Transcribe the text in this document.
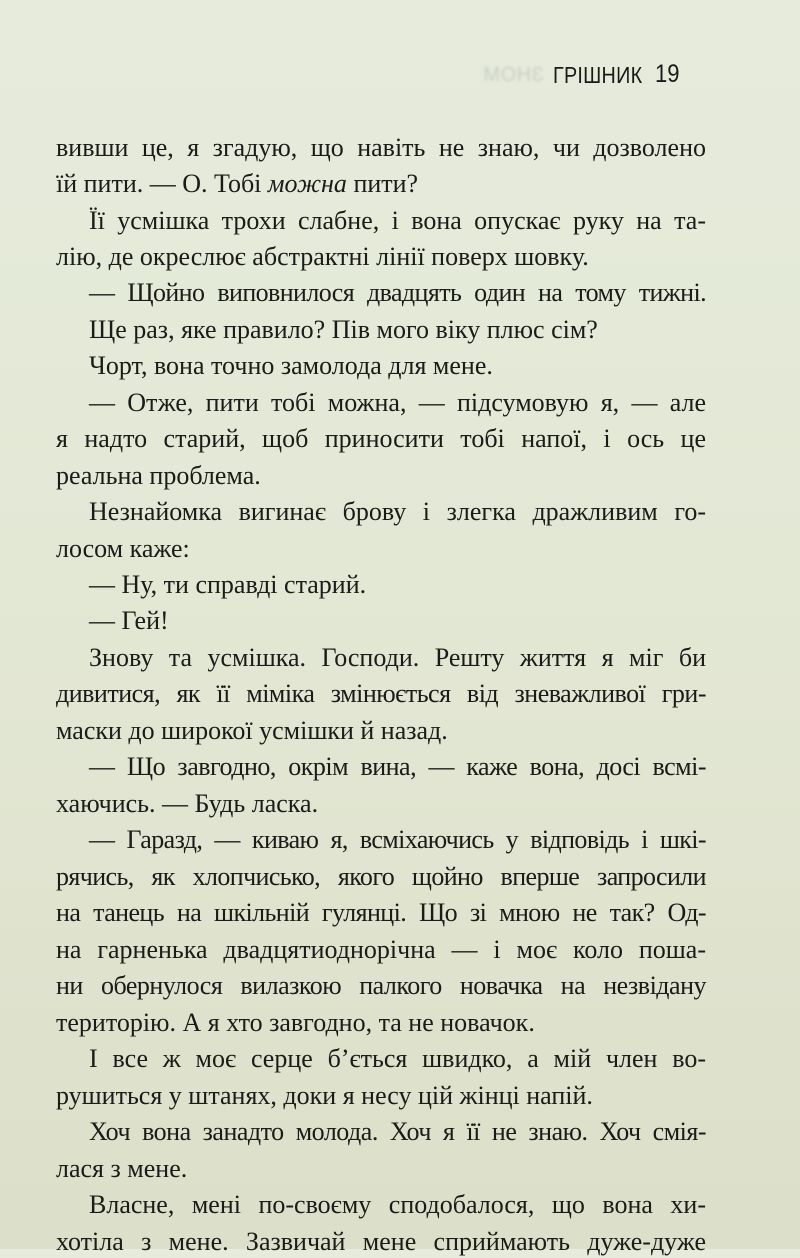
ЗНОМ ГРІШНИК 19
вивши це, я згадую, що навіть не знаю, чи дозволено
їй пити. — О. Тобі можна пити?
Її усмішка трохи слабне, і вона опускає руку на та-
лію, де окреслює абстрактні лінії поверх шовку.
— Щойно виповнилося двадцять один на тому тижні.
Ще раз, яке правило? Пів мого віку плюс сім?
Чорт, вона точно замолода для мене.
— Отже, пити тобі можна, — підсумовую я, — але
я надто старий, щоб приносити тобі напої, і ось це
реальна проблема.
Незнайомка вигинає брову і злегка дражливим го-
лосом каже:
— Ну, ти справді старий.
— Гей!
Знову та усмішка. Господи. Решту життя я міг би
дивитися, як її міміка змінюється від зневажливої гри-
маски до широкої усмішки й назад.
— Що завгодно, окрім вина, — каже вона, досі всмі-
хаючись. — Будь ласка.
— Гаразд, — киваю я, всміхаючись у відповідь і шкі-
рячись, як хлопчисько, якого щойно вперше запросили
на танець на шкільній гулянці. Що зі мною не так? Од-
на гарненька двадцятиоднорічна — і моє коло поша-
ни обернулося вилазкою палкого новачка на незвідану
територію. А я хто завгодно, та не новачок.
І все ж моє серце б’ється швидко, а мій член во-
рушиться у штанях, доки я несу цій жінці напій.
Хоч вона занадто молода. Хоч я її не знаю. Хоч смія-
лася з мене.
Власне, мені по-своєму сподобалося, що вона хи-
хотіла з мене. Зазвичай мене сприймають дуже-дуже
